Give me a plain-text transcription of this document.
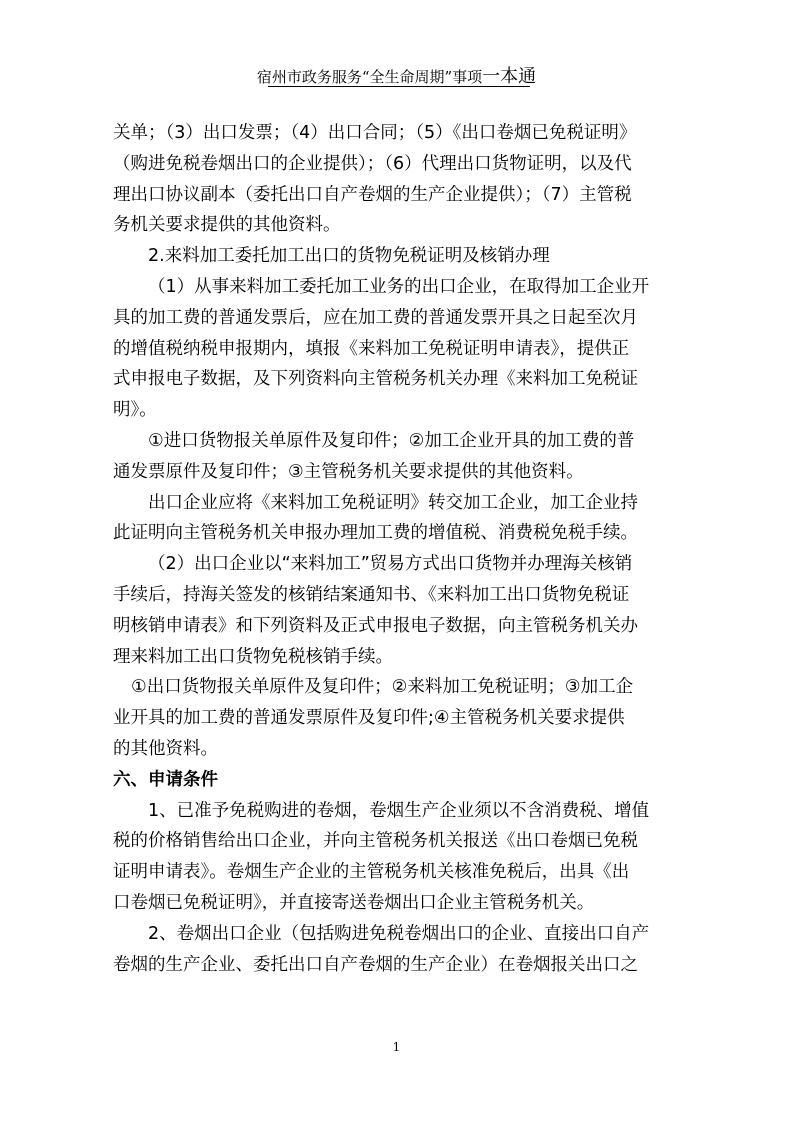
宿州市政务服务“全生命周期”事项一本通

关单；（3）出口发票；（4）出口合同；（5）《出口卷烟已免税证明》

（购进免税卷烟出口的企业提供）；（6）代理出口货物证明，以及代

理出口协议副本（委托出口自产卷烟的生产企业提供）；（7）主管税

务机关要求提供的其他资料。

2.来料加工委托加工出口的货物免税证明及核销办理

（1）从事来料加工委托加工业务的出口企业，在取得加工企业开

具的加工费的普通发票后，应在加工费的普通发票开具之日起至次月

的增值税纳税申报期内，填报《来料加工免税证明申请表》，提供正

式申报电子数据，及下列资料向主管税务机关办理《来料加工免税证

明》。

①进口货物报关单原件及复印件；②加工企业开具的加工费的普

通发票原件及复印件；③主管税务机关要求提供的其他资料。

出口企业应将《来料加工免税证明》转交加工企业，加工企业持

此证明向主管税务机关申报办理加工费的增值税、消费税免税手续。

（2）出口企业以“来料加工”贸易方式出口货物并办理海关核销

手续后，持海关签发的核销结案通知书、《来料加工出口货物免税证

明核销申请表》和下列资料及正式申报电子数据，向主管税务机关办

理来料加工出口货物免税核销手续。

①出口货物报关单原件及复印件；②来料加工免税证明；③加工企

业开具的加工费的普通发票原件及复印件;④主管税务机关要求提供

的其他资料。

六、申请条件

1、已准予免税购进的卷烟，卷烟生产企业须以不含消费税、增值

税的价格销售给出口企业，并向主管税务机关报送《出口卷烟已免税

证明申请表》。卷烟生产企业的主管税务机关核准免税后，出具《出

口卷烟已免税证明》，并直接寄送卷烟出口企业主管税务机关。

2、卷烟出口企业（包括购进免税卷烟出口的企业、直接出口自产

卷烟的生产企业、委托出口自产卷烟的生产企业）在卷烟报关出口之

1
